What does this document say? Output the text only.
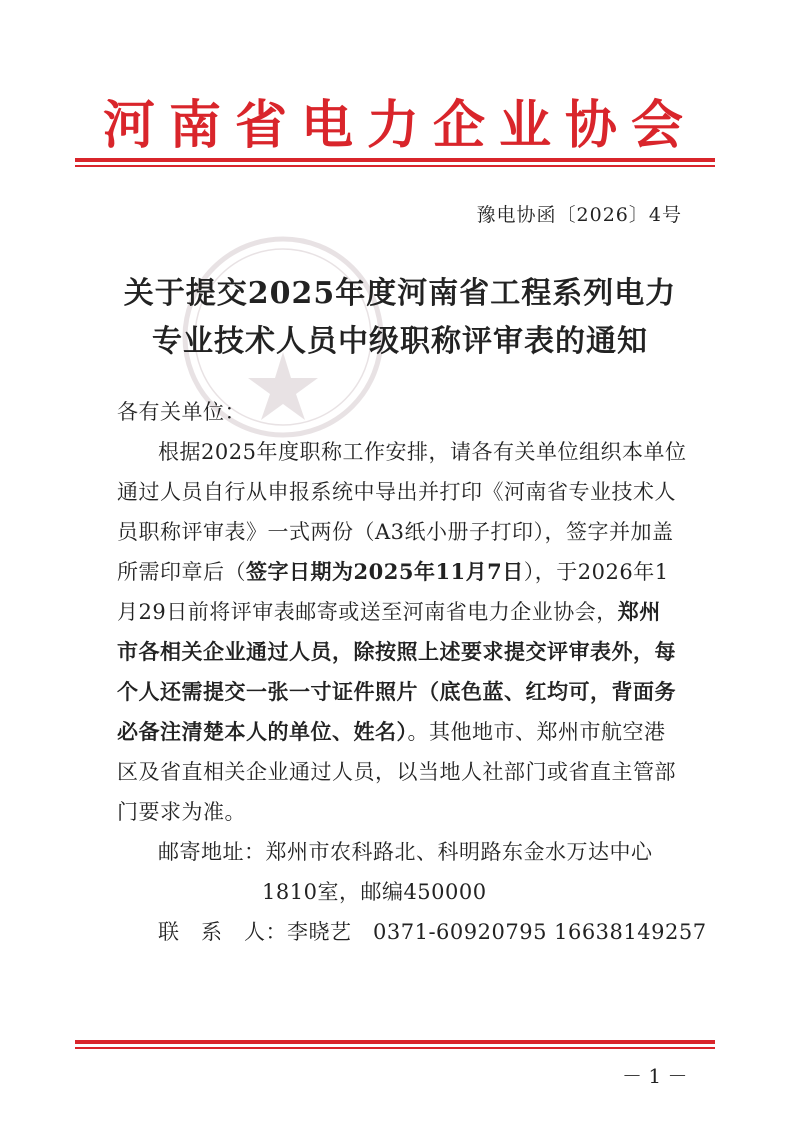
河南省电力企业协会
豫电协函〔2026〕4号
关于提交2025年度河南省工程系列电力
专业技术人员中级职称评审表的通知
各有关单位：
根据2025年度职称工作安排，请各有关单位组织本单位
通过人员自行从申报系统中导出并打印《河南省专业技术人
员职称评审表》一式两份（A3纸小册子打印），签字并加盖
所需印章后（签字日期为2025年11月7日），于2026年1
月29日前将评审表邮寄或送至河南省电力企业协会，郑州
市各相关企业通过人员，除按照上述要求提交评审表外，每
个人还需提交一张一寸证件照片（底色蓝、红均可，背面务
必备注清楚本人的单位、姓名）。其他地市、郑州市航空港
区及省直相关企业通过人员，以当地人社部门或省直主管部
门要求为准。
邮寄地址：郑州市农科路北、科明路东金水万达中心
1810室，邮编450000
联　系　人：李晓艺　0371-60920795 16638149257
－ 1 －
